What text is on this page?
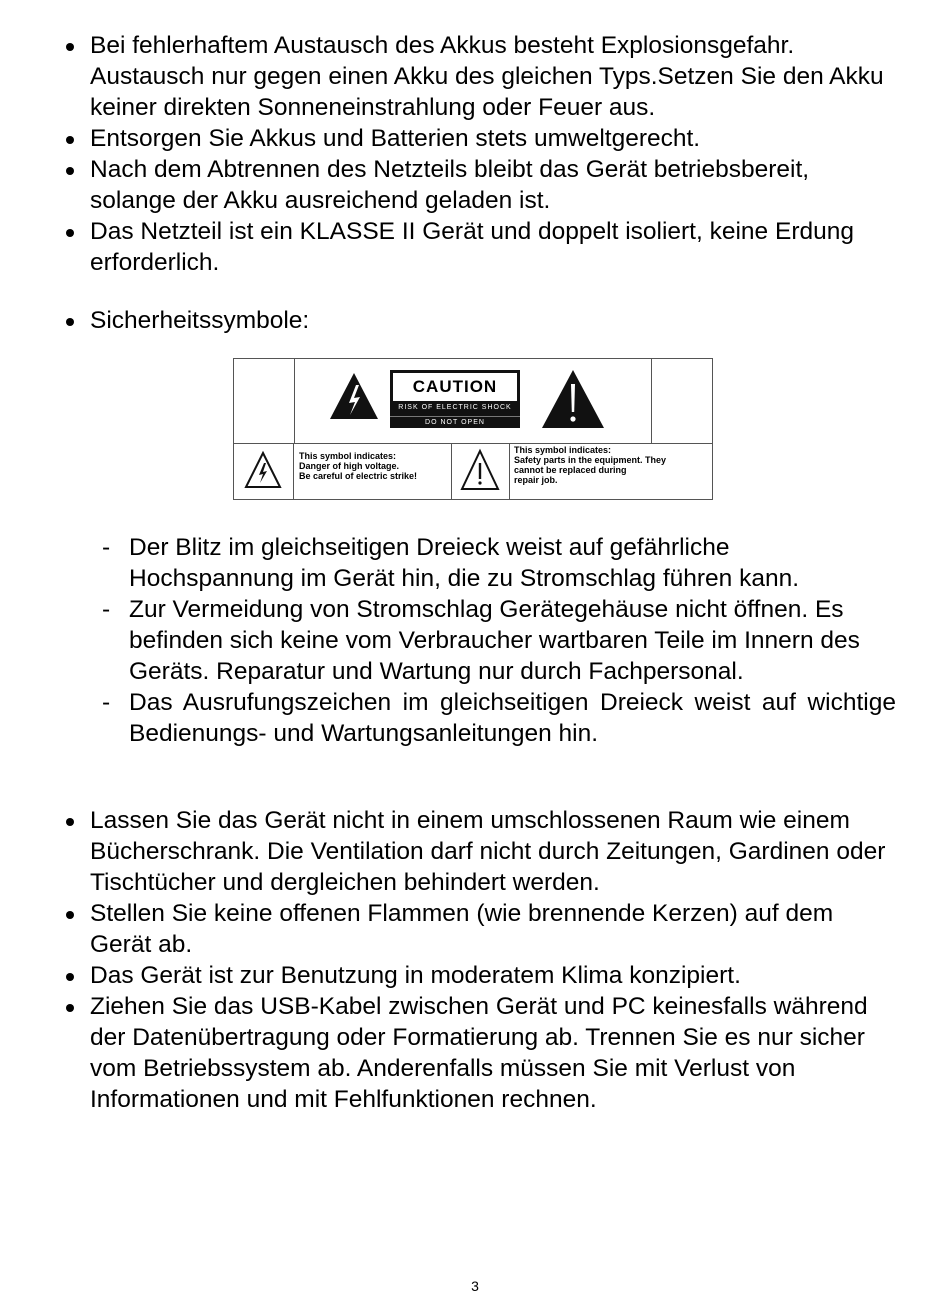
Bei fehlerhaftem Austausch des Akkus besteht Explosionsgefahr. Austausch nur gegen einen Akku des gleichen Typs.Setzen Sie den Akku keiner direkten Sonneneinstrahlung oder Feuer aus.
Entsorgen Sie Akkus und Batterien stets umweltgerecht.
Nach dem Abtrennen des Netzteils bleibt das Gerät betriebsbereit, solange der Akku ausreichend geladen ist.
Das Netzteil ist ein KLASSE II Gerät und doppelt isoliert, keine Erdung erforderlich.
Sicherheitssymbole:
CAUTION
RISK OF ELECTRIC SHOCK
DO NOT OPEN
This symbol indicates:
Danger of high voltage.
Be careful of electric strike!
This symbol indicates:
Safety parts in the equipment. They
cannot be replaced during
repair job.
- Der Blitz im gleichseitigen Dreieck weist auf gefährliche Hochspannung im Gerät hin, die zu Stromschlag führen kann.
- Zur Vermeidung von Stromschlag Gerätegehäuse nicht öffnen. Es befinden sich keine vom Verbraucher wartbaren Teile im Innern des Geräts. Reparatur und Wartung nur durch Fachpersonal.
- Das Ausrufungszeichen im gleichseitigen Dreieck weist auf wichtige Bedienungs- und Wartungsanleitungen hin.
Lassen Sie das Gerät nicht in einem umschlossenen Raum wie einem Bücherschrank. Die Ventilation darf nicht durch Zeitungen, Gardinen oder Tischtücher und dergleichen behindert werden.
Stellen Sie keine offenen Flammen (wie brennende Kerzen) auf dem Gerät ab.
Das Gerät ist zur Benutzung in moderatem Klima konzipiert.
Ziehen Sie das USB-Kabel zwischen Gerät und PC keinesfalls während der Datenübertragung oder Formatierung ab. Trennen Sie es nur sicher vom Betriebssystem ab. Anderenfalls müssen Sie mit Verlust von Informationen und mit Fehlfunktionen rechnen.
3
